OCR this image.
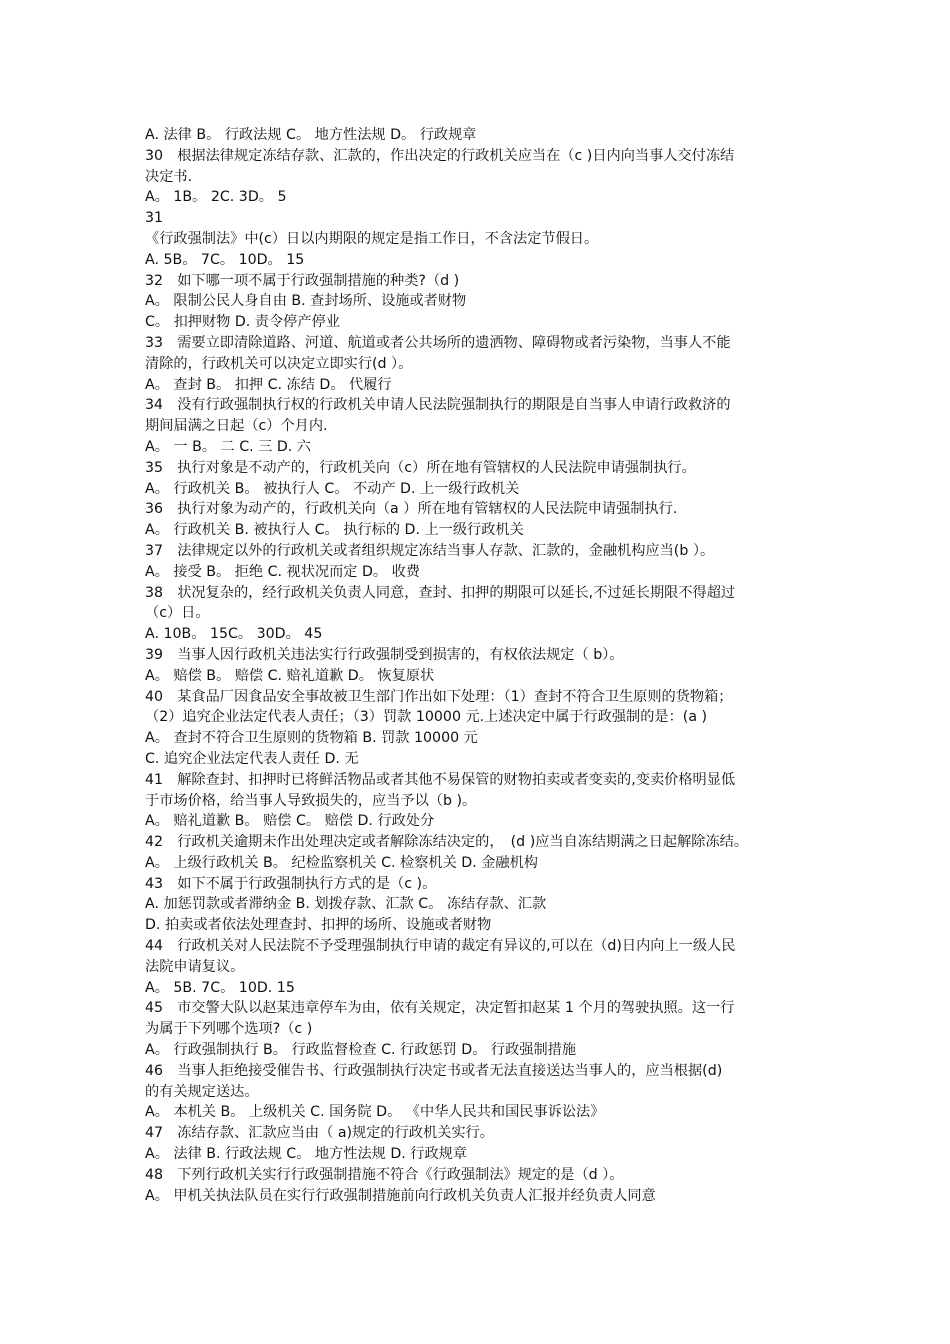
A. 法律 B。 行政法规 C。 地方性法规 D。 行政规章
30　根据法律规定冻结存款、汇款的，作出决定的行政机关应当在（c )日内向当事人交付冻结
决定书.
A。 1B。 2C. 3D。 5
31
《行政强制法》中(c）日以内期限的规定是指工作日，不含法定节假日。
A. 5B。 7C。 10D。 15
32　如下哪一项不属于行政强制措施的种类?（d )
A。 限制公民人身自由 B. 查封场所、设施或者财物
C。 扣押财物 D. 责令停产停业
33　需要立即清除道路、河道、航道或者公共场所的遗洒物、障碍物或者污染物，当事人不能
清除的，行政机关可以决定立即实行(d ）。
A。 查封 B。 扣押 C. 冻结 D。 代履行
34　没有行政强制执行权的行政机关申请人民法院强制执行的期限是自当事人申请行政救济的
期间届满之日起（c）个月内.
A。 一 B。 二 C. 三 D. 六
35　执行对象是不动产的，行政机关向（c）所在地有管辖权的人民法院申请强制执行。
A。 行政机关 B。 被执行人 C。 不动产 D. 上一级行政机关
36　执行对象为动产的，行政机关向（a ）所在地有管辖权的人民法院申请强制执行.
A。 行政机关 B. 被执行人 C。 执行标的 D. 上一级行政机关
37　法律规定以外的行政机关或者组织规定冻结当事人存款、汇款的，金融机构应当(b ）。
A。 接受 B。 拒绝 C. 视状况而定 D。 收费
38　状况复杂的，经行政机关负责人同意，查封、扣押的期限可以延长,不过延长期限不得超过
（c）日。
A. 10B。 15C。 30D。 45
39　当事人因行政机关违法实行行政强制受到损害的，有权依法规定（ b）。
A。 赔偿 B。 赔偿 C. 赔礼道歉 D。 恢复原状
40　某食品厂因食品安全事故被卫生部门作出如下处理：（1）查封不符合卫生原则的货物箱；
（2）追究企业法定代表人责任；（3）罚款 10000 元.上述决定中属于行政强制的是：(a )
A。 查封不符合卫生原则的货物箱 B. 罚款 10000 元
C. 追究企业法定代表人责任 D. 无
41　解除查封、扣押时已将鲜活物品或者其他不易保管的财物拍卖或者变卖的,变卖价格明显低
于市场价格，给当事人导致损失的，应当予以（b )。
A。 赔礼道歉 B。 赔偿 C。 赔偿 D. 行政处分
42　行政机关逾期未作出处理决定或者解除冻结决定的，　(d )应当自冻结期满之日起解除冻结。
A。 上级行政机关 B。 纪检监察机关 C. 检察机关 D. 金融机构
43　如下不属于行政强制执行方式的是（c )。
A. 加惩罚款或者滞纳金 B. 划拨存款、汇款 C。 冻结存款、汇款
D. 拍卖或者依法处理查封、扣押的场所、设施或者财物
44　行政机关对人民法院不予受理强制执行申请的裁定有异议的,可以在（d)日内向上一级人民
法院申请复议。
A。 5B. 7C。 10D. 15
45　市交警大队以赵某违章停车为由，依有关规定，决定暂扣赵某 1 个月的驾驶执照。这一行
为属于下列哪个选项?（c )
A。 行政强制执行 B。 行政监督检查 C. 行政惩罚 D。 行政强制措施
46　当事人拒绝接受催告书、行政强制执行决定书或者无法直接送达当事人的，应当根据(d)
的有关规定送达。
A。 本机关 B。 上级机关 C. 国务院 D。 《中华人民共和国民事诉讼法》
47　冻结存款、汇款应当由（ a)规定的行政机关实行。
A。 法律 B. 行政法规 C。 地方性法规 D. 行政规章
48　下列行政机关实行行政强制措施不符合《行政强制法》规定的是（d ）。
A。 甲机关执法队员在实行行政强制措施前向行政机关负责人汇报并经负责人同意
